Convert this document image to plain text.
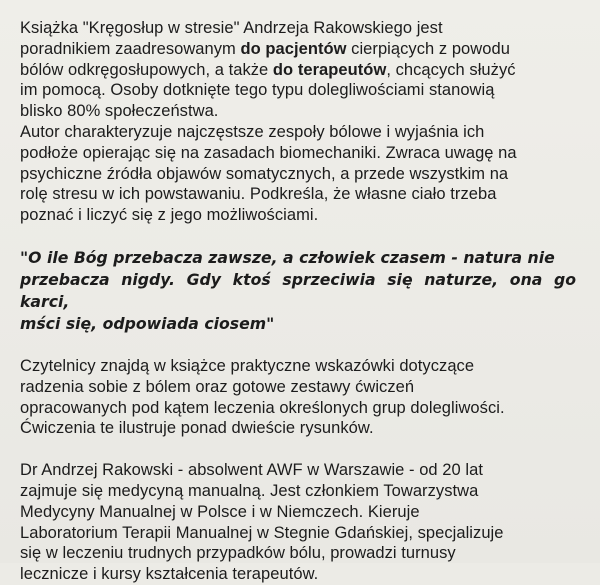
Książka "Kręgosłup w stresie" Andrzeja Rakowskiego jest
poradnikiem zaadresowanym do pacjentów cierpiących z powodu
bólów odkręgosłupowych, a także do terapeutów, chcących służyć
im pomocą. Osoby dotknięte tego typu dolegliwościami stanowią
blisko 80% społeczeństwa.

Autor charakteryzuje najczęstsze zespoły bólowe i wyjaśnia ich
podłoże opierając się na zasadach biomechaniki. Zwraca uwagę na
psychiczne źródła objawów somatycznych, a przede wszystkim na
rolę stresu w ich powstawaniu. Podkreśla, że własne ciało trzeba
poznać i liczyć się z jego możliwościami.

"O ile Bóg przebacza zawsze, a człowiek czasem - natura nie
przebacza nigdy. Gdy ktoś sprzeciwia się naturze, ona go karci,
mści się, odpowiada ciosem"

Czytelnicy znajdą w książce praktyczne wskazówki dotyczące
radzenia sobie z bólem oraz gotowe zestawy ćwiczeń
opracowanych pod kątem leczenia określonych grup dolegliwości.
Ćwiczenia te ilustruje ponad dwieście rysunków.

Dr Andrzej Rakowski - absolwent AWF w Warszawie - od 20 lat
zajmuje się medycyną manualną. Jest członkiem Towarzystwa
Medycyny Manualnej w Polsce i w Niemczech. Kieruje
Laboratorium Terapii Manualnej w Stegnie Gdańskiej, specjalizuje
się w leczeniu trudnych przypadków bólu, prowadzi turnusy
lecznicze i kursy kształcenia terapeutów.
